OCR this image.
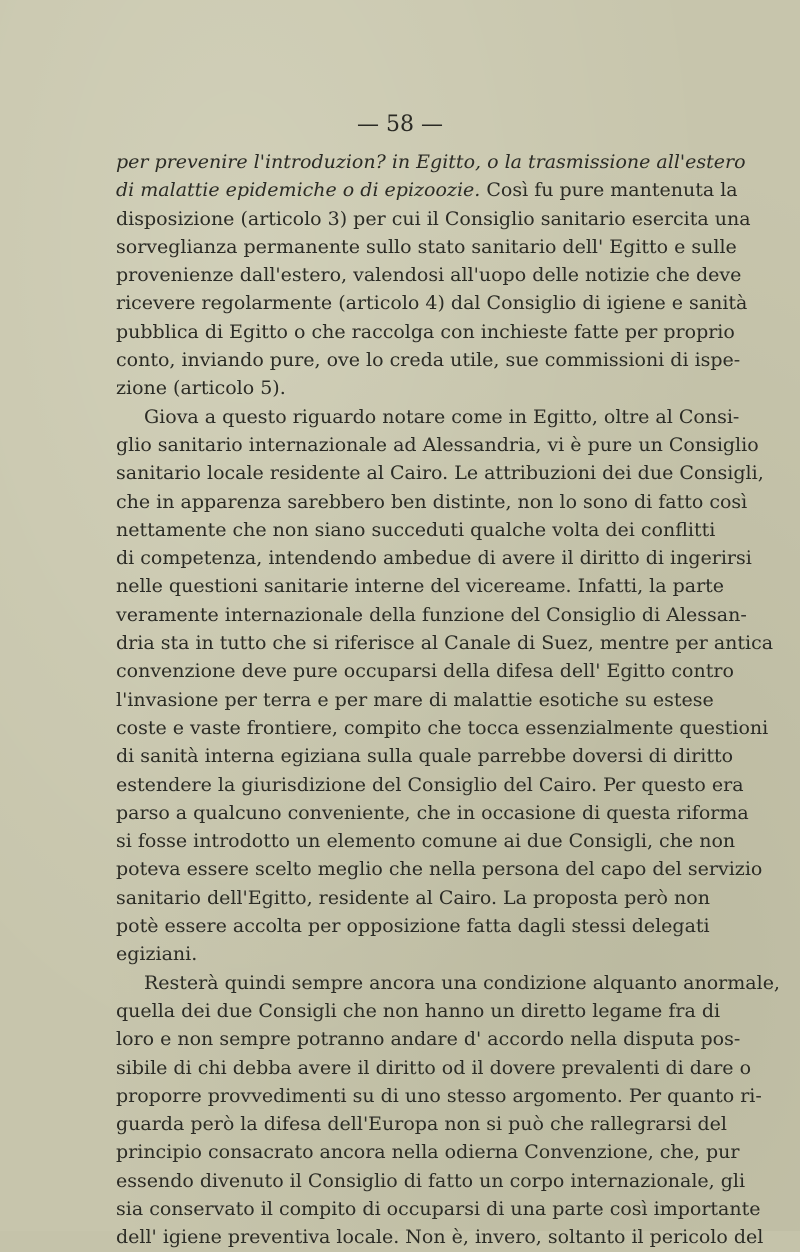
— 58 —
per prevenire l'introduzion? in Egitto, o la trasmissione all'estero
di malattie epidemiche o di epizoozie. Così fu pure mantenuta la
disposizione (articolo 3) per cui il Consiglio sanitario esercita una
sorveglianza permanente sullo stato sanitario dell' Egitto e sulle
provenienze dall'estero, valendosi all'uopo delle notizie che deve
ricevere regolarmente (articolo 4) dal Consiglio di igiene e sanità
pubblica di Egitto o che raccolga con inchieste fatte per proprio
conto, inviando pure, ove lo creda utile, sue commissioni di ispe-
zione (articolo 5).
Giova a questo riguardo notare come in Egitto, oltre al Consi-
glio sanitario internazionale ad Alessandria, vi è pure un Consiglio
sanitario locale residente al Cairo. Le attribuzioni dei due Consigli,
che in apparenza sarebbero ben distinte, non lo sono di fatto così
nettamente che non siano succeduti qualche volta dei conflitti
di competenza, intendendo ambedue di avere il diritto di ingerirsi
nelle questioni sanitarie interne del vicereame. Infatti, la parte
veramente internazionale della funzione del Consiglio di Alessan-
dria sta in tutto che si riferisce al Canale di Suez, mentre per antica
convenzione deve pure occuparsi della difesa dell' Egitto contro
l'invasione per terra e per mare di malattie esotiche su estese
coste e vaste frontiere, compito che tocca essenzialmente questioni
di sanità interna egiziana sulla quale parrebbe doversi di diritto
estendere la giurisdizione del Consiglio del Cairo. Per questo era
parso a qualcuno conveniente, che in occasione di questa riforma
si fosse introdotto un elemento comune ai due Consigli, che non
poteva essere scelto meglio che nella persona del capo del servizio
sanitario dell'Egitto, residente al Cairo. La proposta però non
potè essere accolta per opposizione fatta dagli stessi delegati
egiziani.
Resterà quindi sempre ancora una condizione alquanto anormale,
quella dei due Consigli che non hanno un diretto legame fra di
loro e non sempre potranno andare d' accordo nella disputa pos-
sibile di chi debba avere il diritto od il dovere prevalenti di dare o
proporre provvedimenti su di uno stesso argomento. Per quanto ri-
guarda però la difesa dell'Europa non si può che rallegrarsi del
principio consacrato ancora nella odierna Convenzione, che, pur
essendo divenuto il Consiglio di fatto un corpo internazionale, gli
sia conservato il compito di occuparsi di una parte così importante
dell' igiene preventiva locale. Non è, invero, soltanto il pericolo del
